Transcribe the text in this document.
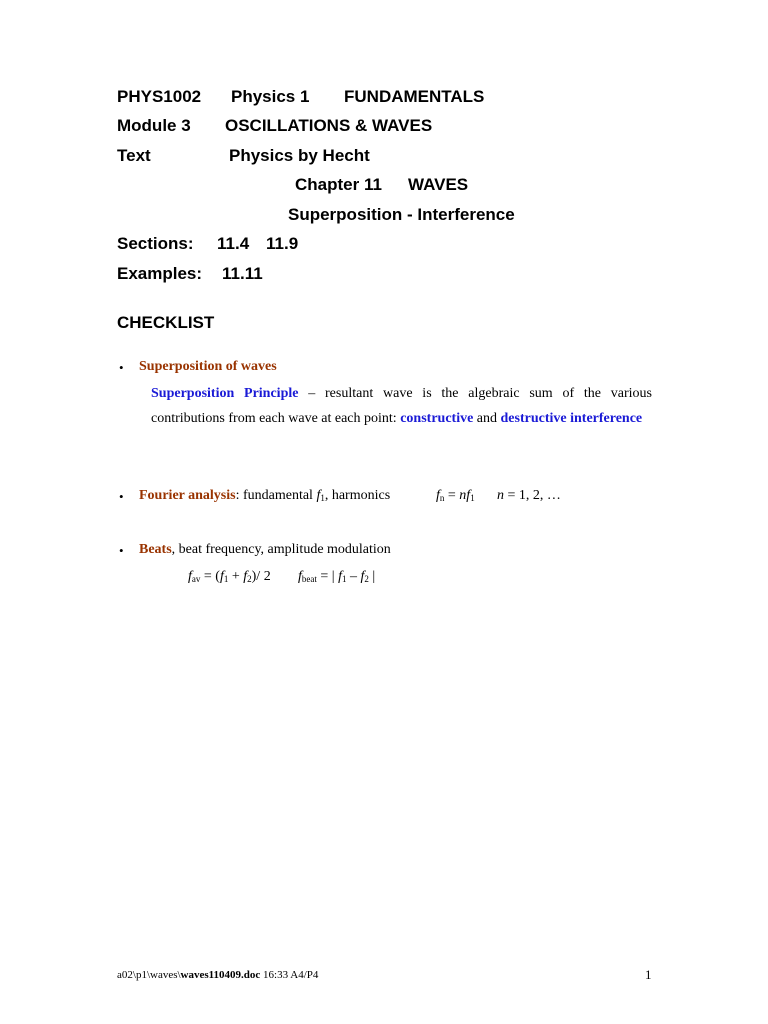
PHYS1002 Physics 1 FUNDAMENTALS
Module 3 OSCILLATIONS & WAVES
Text	Physics by Hecht
Chapter 11 WAVES
Superposition - Interference
Sections: 11.4 11.9
Examples: 11.11
CHECKLIST
• Superposition of waves
Superposition Principle – resultant wave is the algebraic sum of the various contributions from each wave at each point: constructive and destructive interference
• Fourier analysis: fundamental $f_1$, harmonics	$f_n = nf_1$ n = 1, 2, …
• Beats, beat frequency, amplitude modulation
$f_{av} = (f_1 + f_2)/$ 2 $f_{beat}$ = | $f_1 - f_2$ |
a02\p1\waves\waves110409.doc 16:33 A4/P4	1
